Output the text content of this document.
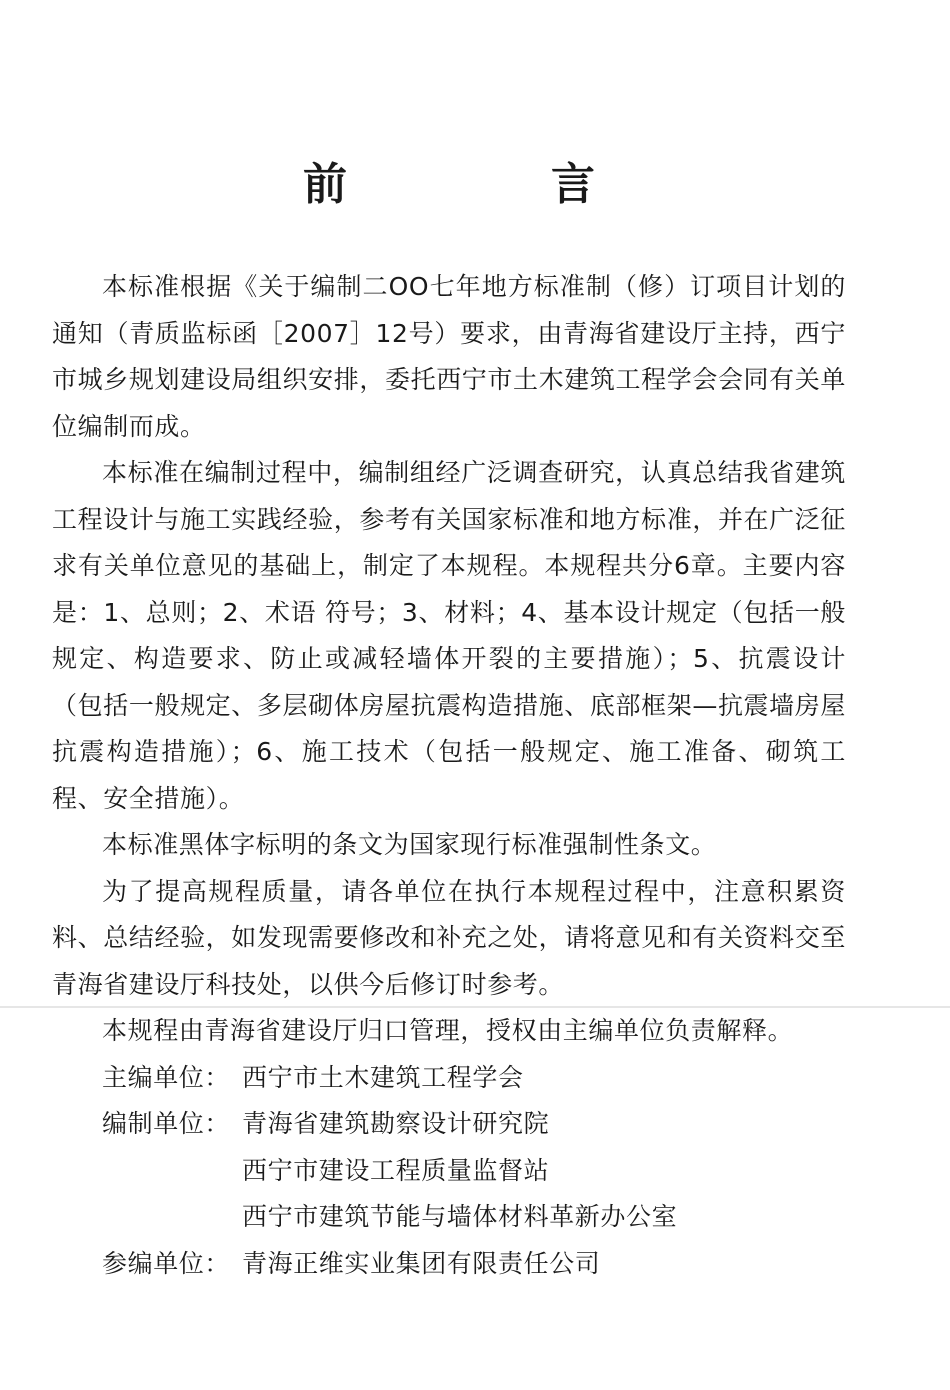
前　言

本标准根据《关于编制二OO七年地方标准制（修）订项目计划的通知（青质监标函［2007］12号）要求，由青海省建设厅主持，西宁市城乡规划建设局组织安排，委托西宁市土木建筑工程学会会同有关单位编制而成。

本标准在编制过程中，编制组经广泛调查研究，认真总结我省建筑工程设计与施工实践经验，参考有关国家标准和地方标准，并在广泛征求有关单位意见的基础上，制定了本规程。本规程共分6章。主要内容是：1、总则；2、术语 符号；3、材料；4、基本设计规定（包括一般规定、构造要求、防止或减轻墙体开裂的主要措施）；5、抗震设计（包括一般规定、多层砌体房屋抗震构造措施、底部框架—抗震墙房屋抗震构造措施）；6、施工技术（包括一般规定、施工准备、砌筑工程、安全措施）。

本标准黑体字标明的条文为国家现行标准强制性条文。

为了提高规程质量，请各单位在执行本规程过程中，注意积累资料、总结经验，如发现需要修改和补充之处，请将意见和有关资料交至青海省建设厅科技处，以供今后修订时参考。

本规程由青海省建设厅归口管理，授权由主编单位负责解释。

主编单位： 西宁市土木建筑工程学会
编制单位： 青海省建筑勘察设计研究院
西宁市建设工程质量监督站
西宁市建筑节能与墙体材料革新办公室
参编单位： 青海正维实业集团有限责任公司
